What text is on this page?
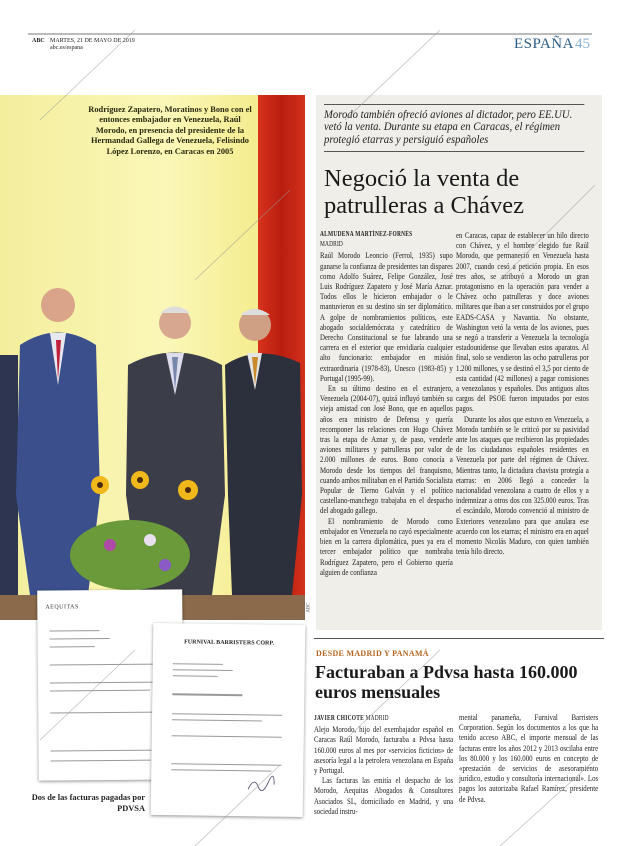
ABC MARTES, 21 DE MAYO DE 2019
abc.es/espana	ESPAÑA 45
Rodríguez Zapatero, Moratinos y Bono con el entonces embajador en Venezuela, Raúl Morodo, en presencia del presidente de la Hermandad Gallega de Venezuela, Felisindo López Lorenzo, en Caracas en 2005
ABC
Morodo también ofreció aviones al dictador, pero EE.UU. vetó la venta. Durante su etapa en Caracas, el régimen protegió etarras y persiguió españoles
Negoció la venta de patrulleras a Chávez
ALMUDENA MARTÍNEZ-FORNÉS
MADRID

Raúl Morodo Leoncio (Ferrol, 1935) supo ganarse la confianza de presidentes tan dispares como Adolfo Suárez, Felipe González, José Luis Rodríguez Zapatero y José María Aznar. Todos ellos le hicieron embajador o le mantuvieron en su destino sin ser diplomático. A golpe de nombramientos políticos, este abogado socialdemócrata y catedrático de Derecho Constitucional se fue labrando una carrera en el exterior que envidiaría cualquier alto funcionario: embajador en misión extraordinaria (1978-83), Unesco (1983-85) y Portugal (1995-99).

En su último destino en el extranjero, Venezuela (2004-07), quizá influyó también su vieja amistad con José Bono, que en aquellos años era ministro de Defensa y quería recomponer las relaciones con Hugo Chávez tras la etapa de Aznar y, de paso, venderle aviones militares y patrulleras por valor de 2.000 millones de euros. Bono conocía a Morodo desde los tiempos del franquismo, cuando ambos militaban en el Partido Socialista Popular de Tierno Galván y el político castellano-manchego trabajaba en el despacho del abogado gallego.

El nombramiento de Morodo como embajador en Venezuela no cayó especialmente bien en la carrera diplomática, pues ya era el tercer embajador político que nombraba Rodríguez Zapatero, pero el Gobierno quería alguien de confianza

en Caracas, capaz de establecer un hilo directo con Chávez, y el hombre elegido fue Raúl Morodo, que permaneció en Venezuela hasta 2007, cuando cesó a petición propia. En esos tres años, se atribuyó a Morodo un gran protagonismo en la operación para vender a Chávez ocho patrulleras y doce aviones militares que iban a ser construidos por el grupo EADS-CASA y Navantia. No obstante, Washington vetó la venta de los aviones, pues se negó a transferir a Venezuela la tecnología estadounidense que llevaban estos aparatos. Al final, solo se vendieron las ocho patrulleras por 1.200 millones, y se destinó el 3,5 por ciento de esta cantidad (42 millones) a pagar comisiones a venezolanos y españoles. Dos antiguos altos cargos del PSOE fueron imputados por estos pagos.

Durante los años que estuvo en Venezuela, a Morodo también se le criticó por su pasividad ante los ataques que recibieron las propiedades de los ciudadanos españoles residentes en Venezuela por parte del régimen de Chávez. Mientras tanto, la dictadura chavista protegía a etarras: en 2006 llegó a conceder la nacionalidad venezolana a cuatro de ellos y a indemnizar a otros dos con 325.000 euros. Tras el escándalo, Morodo convenció al ministro de Exteriores venezolano para que anulara ese acuerdo con los etarras; el ministro era en aquel momento Nicolás Maduro, con quien también tenía hilo directo.

DESDE MADRID Y PANAMÁ
Facturaban a Pdvsa hasta 160.000 euros mensuales
JAVIER CHICOTE MADRID

Alejo Morodo, hijo del exembajador español en Caracas Raúl Morodo, facturaba a Pdvsa hasta 160.000 euros al mes por «servicios ficticios» de asesoría legal a la petrolera venezolana en España y Portugal.

Las facturas las emitía el despacho de los Morodo, Aequitas Abogados & Consultores Asociados SL, domiciliado en Madrid, y una sociedad instru-

mental panameña, Furnival Barristers Corporation. Según los documentos a los que ha tenido acceso ABC, el importe mensual de las facturas entre los años 2012 y 2013 oscilaba entre los 80.000 y los 160.000 euros en concepto de «prestación de servicios de asesoramiento jurídico, estudio y consultoría internacional». Los pagos los autorizaba Rafael Ramírez, presidente de Pdvsa.

AEQUITAS
FURNIVAL BARRISTERS CORP.
Dos de las facturas pagadas por PDVSA
